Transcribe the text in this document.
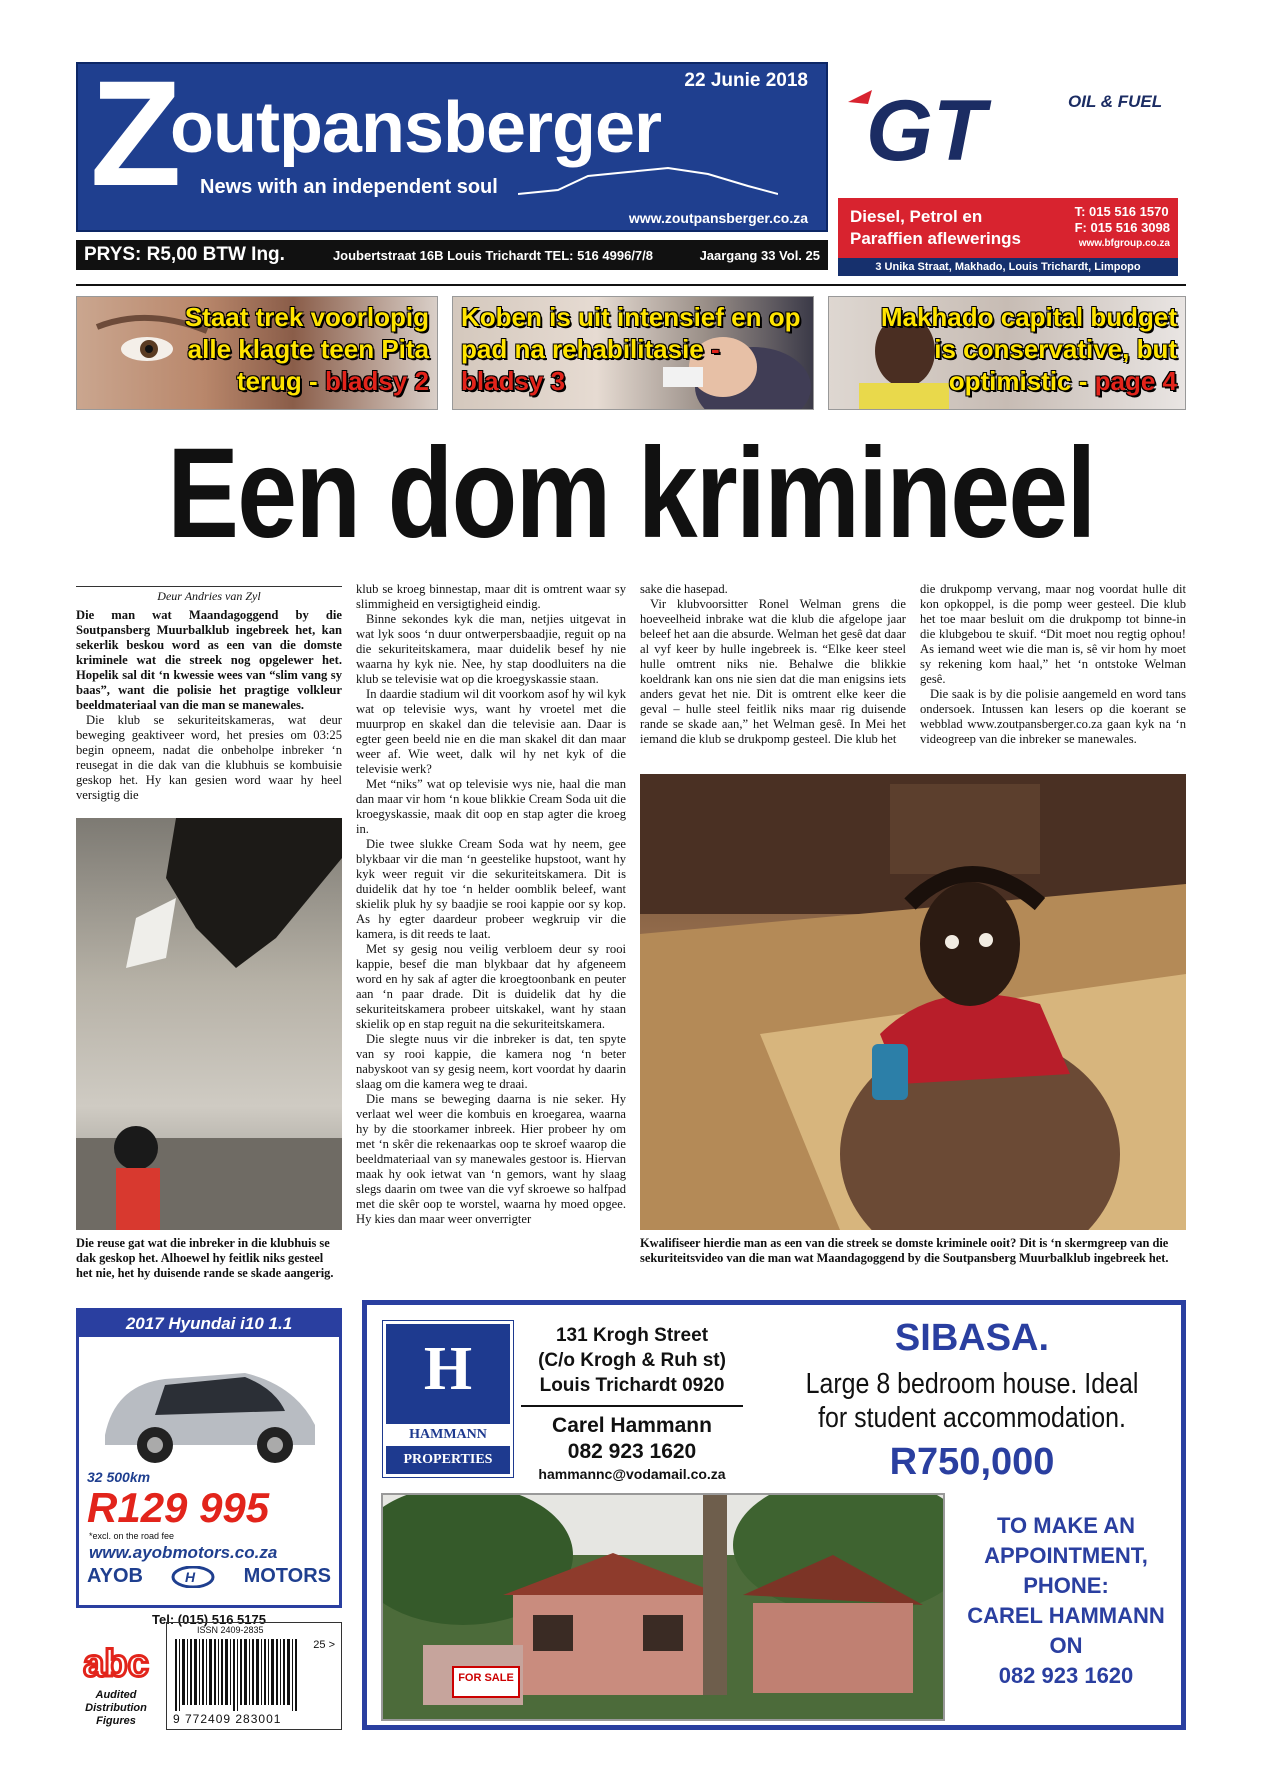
22 Junie 2018
Z
outpansberger
News with an independent soul
www.zoutpansberger.co.za
PRYS: R5,00 BTW Ing.	Joubertstraat 16B Louis Trichardt TEL: 516 4996/7/8	Jaargang 33 Vol. 25
GT	OIL & FUEL
Diesel, Petrol en Paraffien aflewerings
T: 015 516 1570
F: 015 516 3098
www.bfgroup.co.za
3 Unika Straat, Makhado, Louis Trichardt, Limpopo
Staat trek voorlopig alle klagte teen Pita terug - bladsy 2
Koben is uit intensief en op pad na rehabilitasie - bladsy 3
Makhado capital budget is conservative, but optimistic - page 4
Een dom krimineel
Deur Andries van Zyl

Die man wat Maandagoggend by die Soutpansberg Muurbalklub ingebreek het, kan sekerlik beskou word as een van die domste kriminele wat die streek nog opgelewer het. Hopelik sal dit ‘n kwessie wees van “slim vang sy baas”, want die polisie het pragtige volkleur beeldmateriaal van die man se manewales.

Die klub se sekuriteitskameras, wat deur beweging geaktiveer word, het presies om 03:25 begin opneem, nadat die onbeholpe inbreker ‘n reusegat in die dak van die klubhuis se kombuisie geskop het. Hy kan gesien word waar hy heel versigtig die

Die reuse gat wat die inbreker in die klubhuis se dak geskop het. Alhoewel hy feitlik niks gesteel het nie, het hy duisende rande se skade aangerig.

klub se kroeg binnestap, maar dit is omtrent waar sy slimmigheid en versigtigheid eindig.

Binne sekondes kyk die man, netjies uitgevat in wat lyk soos ‘n duur ontwerpersbaadjie, reguit op na die sekuriteitskamera, maar duidelik besef hy nie waarna hy kyk nie. Nee, hy stap doodluiters na die klub se televisie wat op die kroegyskassie staan.

In daardie stadium wil dit voorkom asof hy wil kyk wat op televisie wys, want hy vroetel met die muurprop en skakel dan die televisie aan. Daar is egter geen beeld nie en die man skakel dit dan maar weer af. Wie weet, dalk wil hy net kyk of die televisie werk?

Met “niks” wat op televisie wys nie, haal die man dan maar vir hom ‘n koue blikkie Cream Soda uit die kroegyskassie, maak dit oop en stap agter die kroeg in.

Die twee slukke Cream Soda wat hy neem, gee blykbaar vir die man ‘n geestelike hupstoot, want hy kyk weer reguit vir die sekuriteitskamera. Dit is duidelik dat hy toe ‘n helder oomblik beleef, want skielik pluk hy sy baadjie se rooi kappie oor sy kop. As hy egter daardeur probeer wegkruip vir die kamera, is dit reeds te laat.

Met sy gesig nou veilig verbloem deur sy rooi kappie, besef die man blykbaar dat hy afgeneem word en hy sak af agter die kroegtoonbank en peuter aan ‘n paar drade. Dit is duidelik dat hy die sekuriteitskamera probeer uitskakel, want hy staan skielik op en stap reguit na die sekuriteitskamera.

Die slegte nuus vir die inbreker is dat, ten spyte van sy rooi kappie, die kamera nog ‘n beter nabyskoot van sy gesig neem, kort voordat hy daarin slaag om die kamera weg te draai.

Die mans se beweging daarna is nie seker. Hy verlaat wel weer die kombuis en kroegarea, waarna hy by die stoorkamer inbreek. Hier probeer hy om met ‘n skêr die rekenaarkas oop te skroef waarop die beeldmateriaal van sy manewales gestoor is. Hiervan maak hy ook ietwat van ‘n gemors, want hy slaag slegs daarin om twee van die vyf skroewe so halfpad met die skêr oop te worstel, waarna hy moed opgee. Hy kies dan maar weer onverrigter

sake die hasepad.

Vir klubvoorsitter Ronel Welman grens die hoeveelheid inbrake wat die klub die afgelope jaar beleef het aan die absurde. Welman het gesê dat daar al vyf keer by hulle ingebreek is. “Elke keer steel hulle omtrent niks nie. Behalwe die blikkie koeldrank kan ons nie sien dat die man enigsins iets anders gevat het nie. Dit is omtrent elke keer die geval – hulle steel feitlik niks maar rig duisende rande se skade aan,” het Welman gesê. In Mei het iemand die klub se drukpomp gesteel. Die klub het

die drukpomp vervang, maar nog voordat hulle dit kon opkoppel, is die pomp weer gesteel. Die klub het toe maar besluit om die drukpomp tot binne-in die klubgebou te skuif. “Dit moet nou regtig ophou! As iemand weet wie die man is, sê vir hom hy moet sy rekening kom haal,” het ‘n ontstoke Welman gesê.

Die saak is by die polisie aangemeld en word tans ondersoek. Intussen kan lesers op die koerant se webblad www.zoutpansberger.co.za gaan kyk na ‘n videogreep van die inbreker se manewales.

Kwalifiseer hierdie man as een van die streek se domste kriminele ooit? Dit is ‘n skermgreep van die sekuriteitsvideo van die man wat Maandagoggend by die Soutpansberg Muurbalklub ingebreek het.
2017 Hyundai i10 1.1
32 500km
R129 995
*excl. on the road fee
www.ayobmotors.co.za
AYOB	H MOTORS
Tel: (015) 516 5175
abc
Audited Distribution Figures
ISSN 2409-2835
25 >
9 772409 283001
H
HAMMANN
PROPERTIES
131 Krogh Street
(C/o Krogh & Ruh st)
Louis Trichardt 0920
Carel Hammann
082 923 1620
hammannc@vodamail.co.za
SIBASA.
Large 8 bedroom house. Ideal for student accommodation.
R750,000
FOR SALE
TO MAKE AN
APPOINTMENT,
PHONE:
CAREL HAMMANN
ON
082 923 1620
